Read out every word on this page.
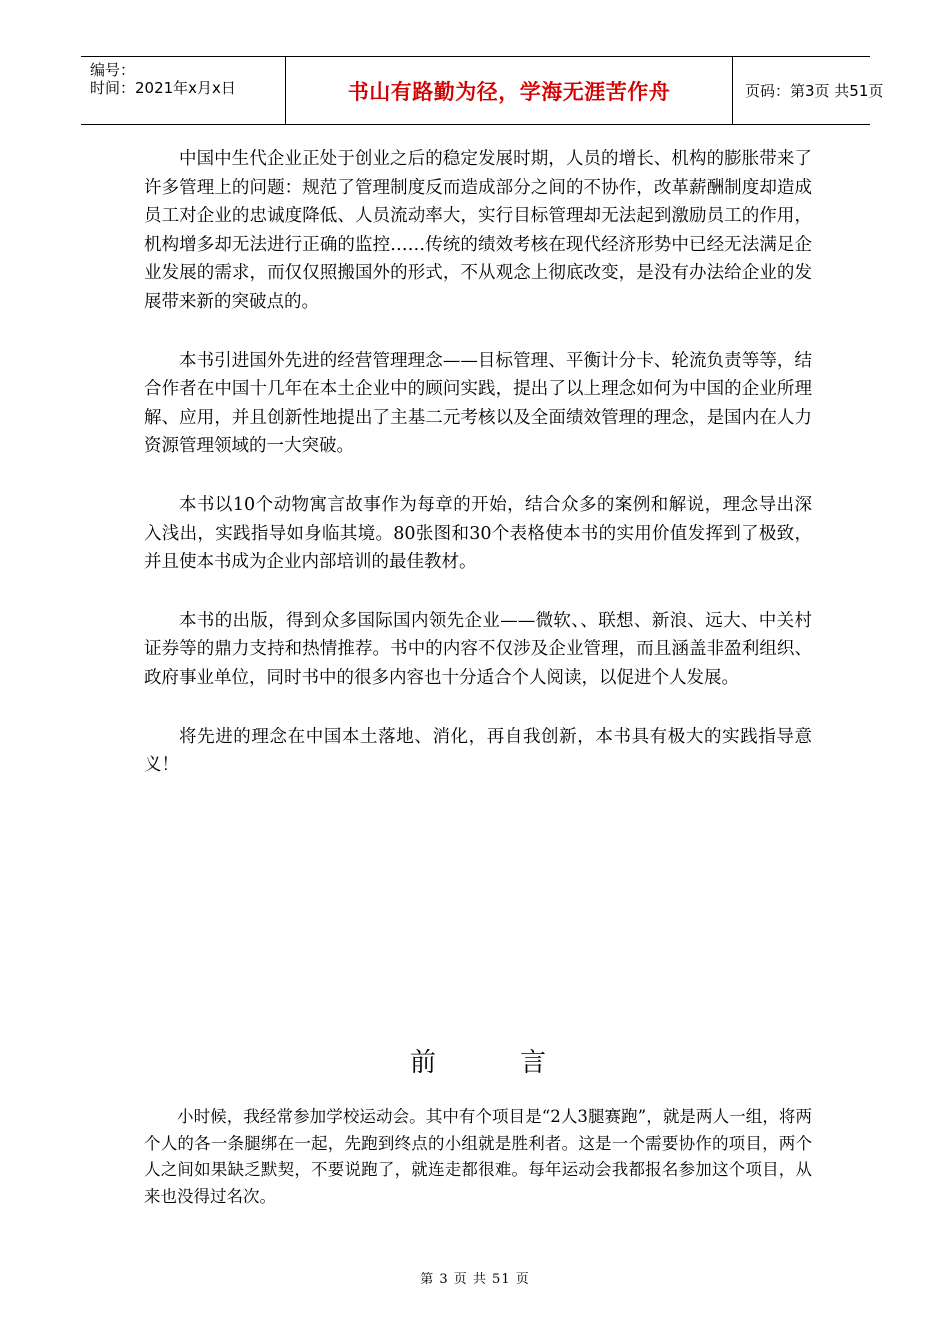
编号：
时间：2021年x月x日	书山有路勤为径，学海无涯苦作舟	页码：第3页 共51页

中国中生代企业正处于创业之后的稳定发展时期，人员的增长、机构的膨胀带来了许多管理上的问题：规范了管理制度反而造成部分之间的不协作，改革薪酬制度却造成员工对企业的忠诚度降低、人员流动率大，实行目标管理却无法起到激励员工的作用，机构增多却无法进行正确的监控……传统的绩效考核在现代经济形势中已经无法满足企业发展的需求，而仅仅照搬国外的形式，不从观念上彻底改变，是没有办法给企业的发展带来新的突破点的。

本书引进国外先进的经营管理理念——目标管理、平衡计分卡、轮流负责等等，结合作者在中国十几年在本土企业中的顾问实践，提出了以上理念如何为中国的企业所理解、应用，并且创新性地提出了主基二元考核以及全面绩效管理的理念，是国内在人力资源管理领域的一大突破。

本书以10个动物寓言故事作为每章的开始，结合众多的案例和解说，理念导出深入浅出，实践指导如身临其境。80张图和30个表格使本书的实用价值发挥到了极致，并且使本书成为企业内部培训的最佳教材。

本书的出版，得到众多国际国内领先企业——微软、、联想、新浪、远大、中关村证券等的鼎力支持和热情推荐。书中的内容不仅涉及企业管理，而且涵盖非盈利组织、政府事业单位，同时书中的很多内容也十分适合个人阅读，以促进个人发展。

将先进的理念在中国本土落地、消化，再自我创新，本书具有极大的实践指导意义！

前言

小时候，我经常参加学校运动会。其中有个项目是“2人3腿赛跑”，就是两人一组，将两个人的各一条腿绑在一起，先跑到终点的小组就是胜利者。这是一个需要协作的项目，两个人之间如果缺乏默契，不要说跑了，就连走都很难。每年运动会我都报名参加这个项目，从来也没得过名次。

第 3 页 共 51 页
